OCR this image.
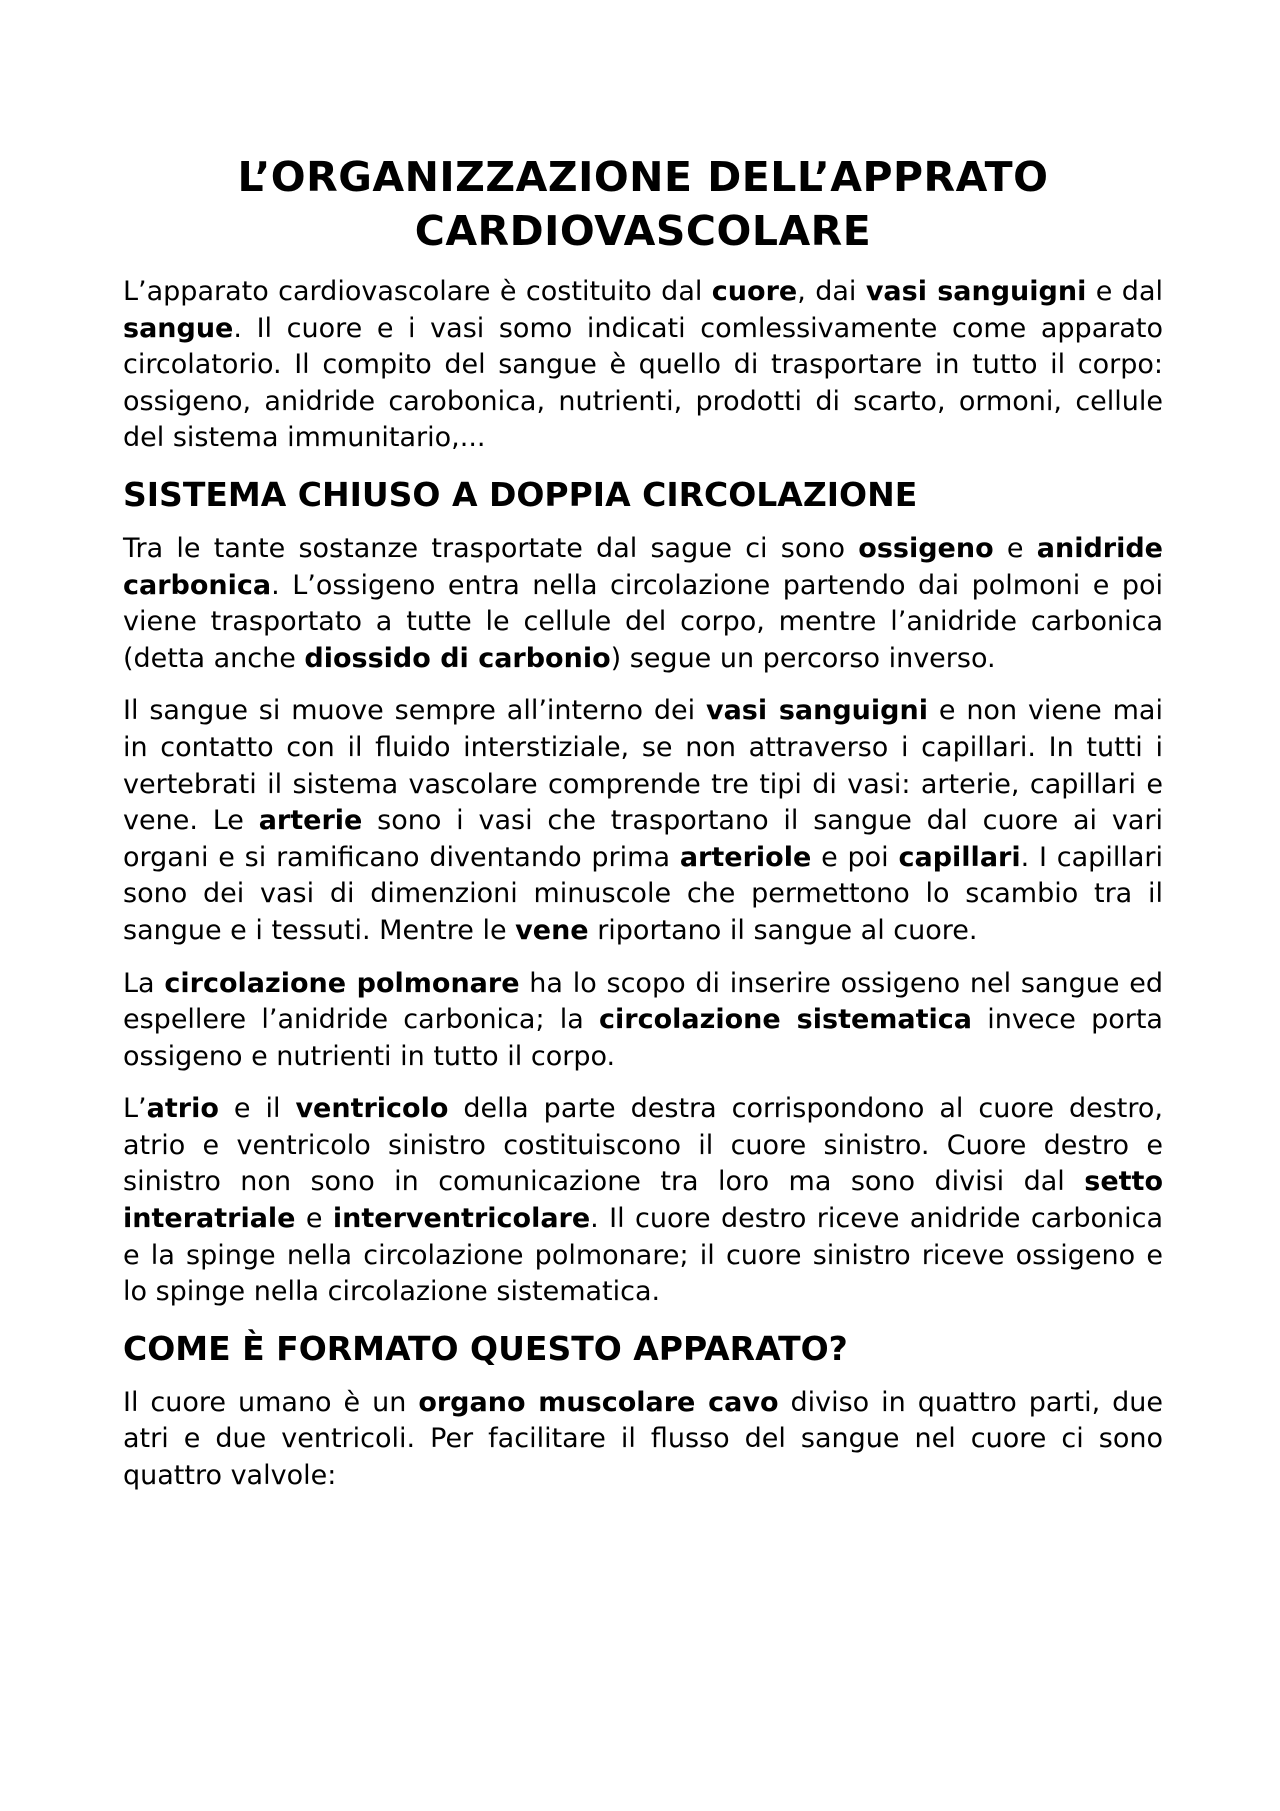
L’ORGANIZZAZIONE DELL’APPRATO
CARDIOVASCOLARE

L’apparato cardiovascolare è costituito dal cuore, dai vasi sanguigni e dal sangue. Il cuore e i vasi somo indicati comlessivamente come apparato circolatorio. Il compito del sangue è quello di trasportare in tutto il corpo: ossigeno, anidride carobonica, nutrienti, prodotti di scarto, ormoni, cellule del sistema immunitario,...

SISTEMA CHIUSO A DOPPIA CIRCOLAZIONE

Tra le tante sostanze trasportate dal sague ci sono ossigeno e anidride carbonica. L’ossigeno entra nella circolazione partendo dai polmoni e poi viene trasportato a tutte le cellule del corpo, mentre l’anidride carbonica (detta anche diossido di carbonio) segue un percorso inverso.

Il sangue si muove sempre all’interno dei vasi sanguigni e non viene mai in contatto con il fluido interstiziale, se non attraverso i capillari. In tutti i vertebrati il sistema vascolare comprende tre tipi di vasi: arterie, capillari e vene. Le arterie sono i vasi che trasportano il sangue dal cuore ai vari organi e si ramificano diventando prima arteriole e poi capillari. I capillari sono dei vasi di dimenzioni minuscole che permettono lo scambio tra il sangue e i tessuti. Mentre le vene riportano il sangue al cuore.

La circolazione polmonare ha lo scopo di inserire ossigeno nel sangue ed espellere l’anidride carbonica; la circolazione sistematica invece porta ossigeno e nutrienti in tutto il corpo.

L’atrio e il ventricolo della parte destra corrispondono al cuore destro, atrio e ventricolo sinistro costituiscono il cuore sinistro. Cuore destro e sinistro non sono in comunicazione tra loro ma sono divisi dal setto interatriale e interventricolare. Il cuore destro riceve anidride carbonica e la spinge nella circolazione polmonare; il cuore sinistro riceve ossigeno e lo spinge nella circolazione sistematica.

COME È FORMATO QUESTO APPARATO?

Il cuore umano è un organo muscolare cavo diviso in quattro parti, due atri e due ventricoli. Per facilitare il flusso del sangue nel cuore ci sono quattro valvole:
